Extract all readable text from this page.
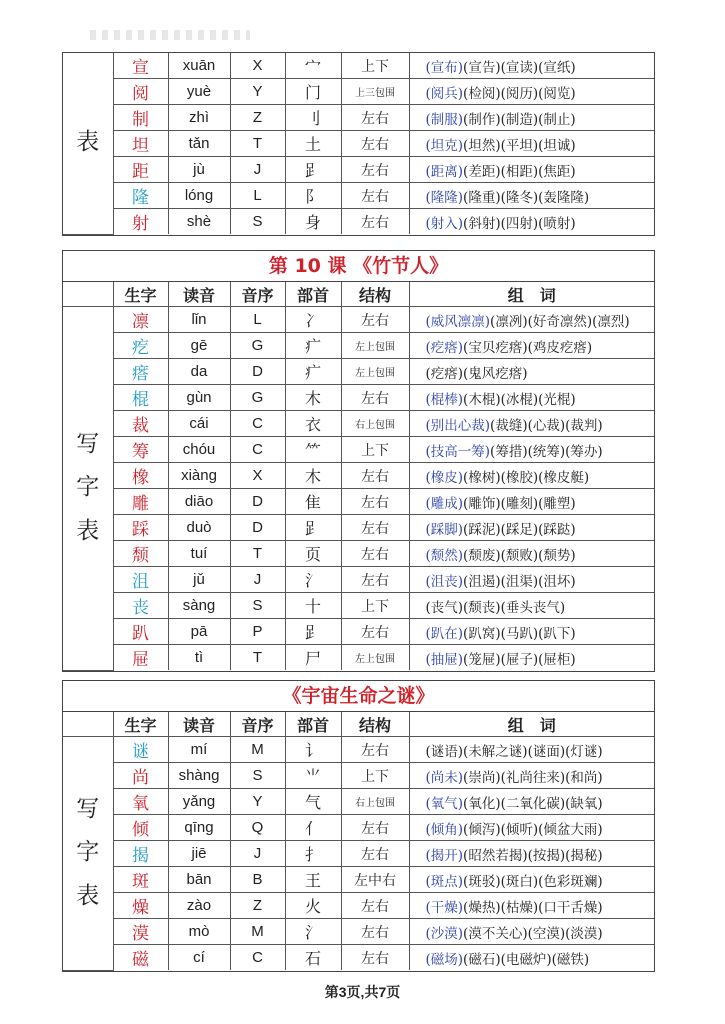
表	宣	xuān	X	宀	上下	(宣布)(宣告)(宣读)(宣纸)
	阅	yuè	Y	门	上三包围	(阅兵)(检阅)(阅历)(阅览)
	制	zhì	Z	刂	左右	(制服)(制作)(制造)(制止)
	坦	tǎn	T	土	左右	(坦克)(坦然)(平坦)(坦诚)
	距	jù	J	𧾷	左右	(距离)(差距)(相距)(焦距)
	隆	lóng	L	阝	左右	(隆隆)(隆重)(隆冬)(轰隆隆)
	射	shè	S	身	左右	(射入)(斜射)(四射)(喷射)
第 10 课 《竹节人》
	生字	读音	音序	部首	结构	组　词

写
字
表	凛	lǐn	L	冫	左右	(威风凛凛)(凛冽)(好奇凛然)(凛烈)
	疙	gē	G	疒	左上包围	(疙瘩)(宝贝疙瘩)(鸡皮疙瘩)
	瘩	da	D	疒	左上包围	(疙瘩)(鬼风疙瘩)
	棍	gùn	G	木	左右	(棍棒)(木棍)(冰棍)(光棍)
	裁	cái	C	衣	右上包围	(别出心裁)(裁缝)(心裁)(裁判)
	筹	chóu	C	⺮	上下	(技高一筹)(筹措)(统筹)(筹办)
	橡	xiàng	X	木	左右	(橡皮)(橡树)(橡胶)(橡皮艇)
	雕	diāo	D	隹	左右	(雕成)(雕饰)(雕刻)(雕塑)
	踩	duò	D	𧾷	左右	(踩脚)(踩泥)(踩足)(踩跶)
	颓	tuí	T	页	左右	(颓然)(颓废)(颓败)(颓势)
	沮	jǔ	J	氵	左右	(沮丧)(沮遏)(沮渠)(沮坏)
	丧	sàng	S	十	上下	(丧气)(颓丧)(垂头丧气)
	趴	pā	P	𧾷	左右	(趴在)(趴窝)(马趴)(趴下)
	屉	tì	T	尸	左上包围	(抽屉)(笼屉)(屉子)(屉柜)
《宇宙生命之谜》
	生字	读音	音序	部首	结构	组　词

写
字
表	谜	mí	M	讠	左右	(谜语)(未解之谜)(谜面)(灯谜)
	尚	shàng	S	⺌	上下	(尚未)(崇尚)(礼尚往来)(和尚)
	氧	yǎng	Y	气	右上包围	(氧气)(氧化)(二氧化碳)(缺氧)
	倾	qīng	Q	亻	左右	(倾角)(倾泻)(倾听)(倾盆大雨)
	揭	jiē	J	扌	左右	(揭开)(昭然若揭)(按揭)(揭秘)
	斑	bān	B	王	左中右	(斑点)(斑驳)(斑白)(色彩斑斓)
	燥	zào	Z	火	左右	(干燥)(燥热)(枯燥)(口干舌燥)
	漠	mò	M	氵	左右	(沙漠)(漠不关心)(空漠)(淡漠)
	磁	cí	C	石	左右	(磁场)(磁石)(电磁炉)(磁铁)
第3页,共7页
